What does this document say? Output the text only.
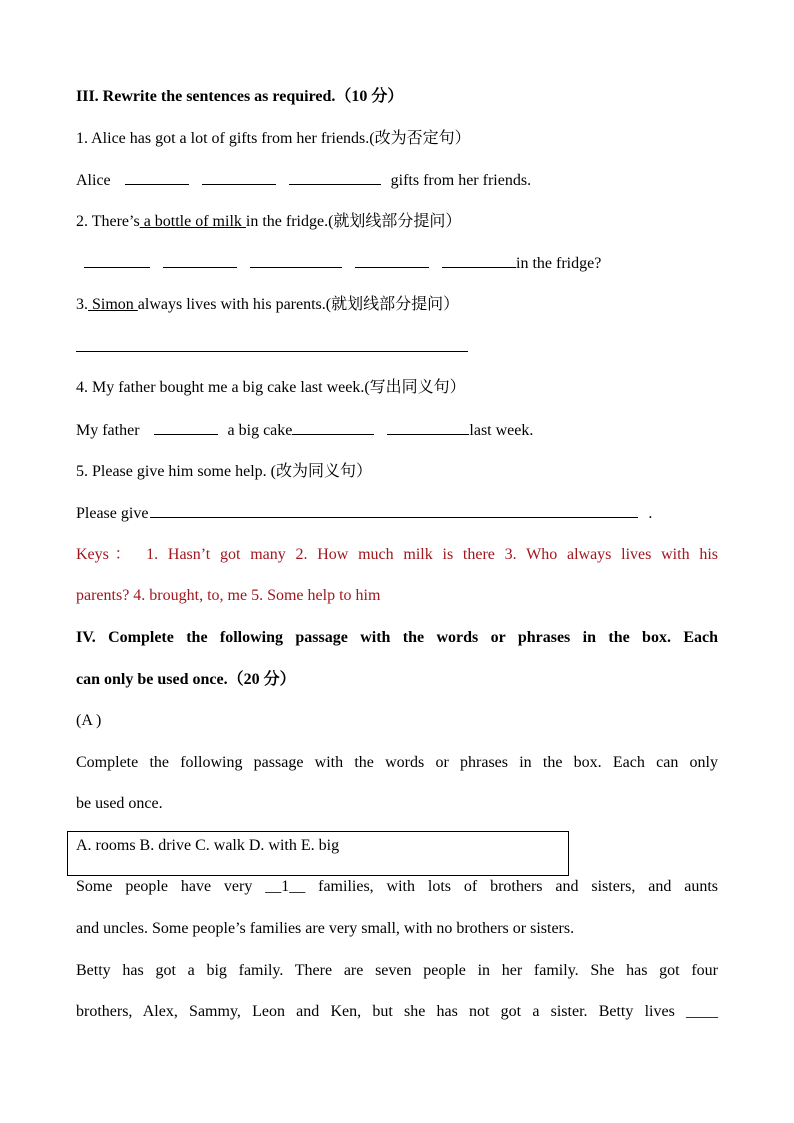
III. Rewrite the sentences as required.（10 分）
1. Alice has got a lot of gifts from her friends.(改为否定句）
Alice	gifts from her friends.
2. There’s a bottle of milk in the fridge.(就划线部分提问）
in the fridge?
3. Simon always lives with his parents.(就划线部分提问）
4. My father bought me a big cake last week.(写出同义句）
My father	a big cake	last week.
5. Please give him some help. (改为同义句）
Please give	.
Keys： 1. Hasn’t got many 2. How much milk is there 3. Who always lives with his
parents? 4. brought, to, me 5. Some help to him
IV. Complete the following passage with the words or phrases in the box. Each
can only be used once.（20 分）
(A )
Complete the following passage with the words or phrases in the box. Each can only
be used once.
A. rooms B. drive C. walk D. with E. big
Some people have very __1__ families, with lots of brothers and sisters, and aunts
and uncles. Some people’s families are very small, with no brothers or sisters.
Betty has got a big family. There are seven people in her family. She has got four
brothers, Alex, Sammy, Leon and Ken, but she has not got a sister. Betty lives ____
